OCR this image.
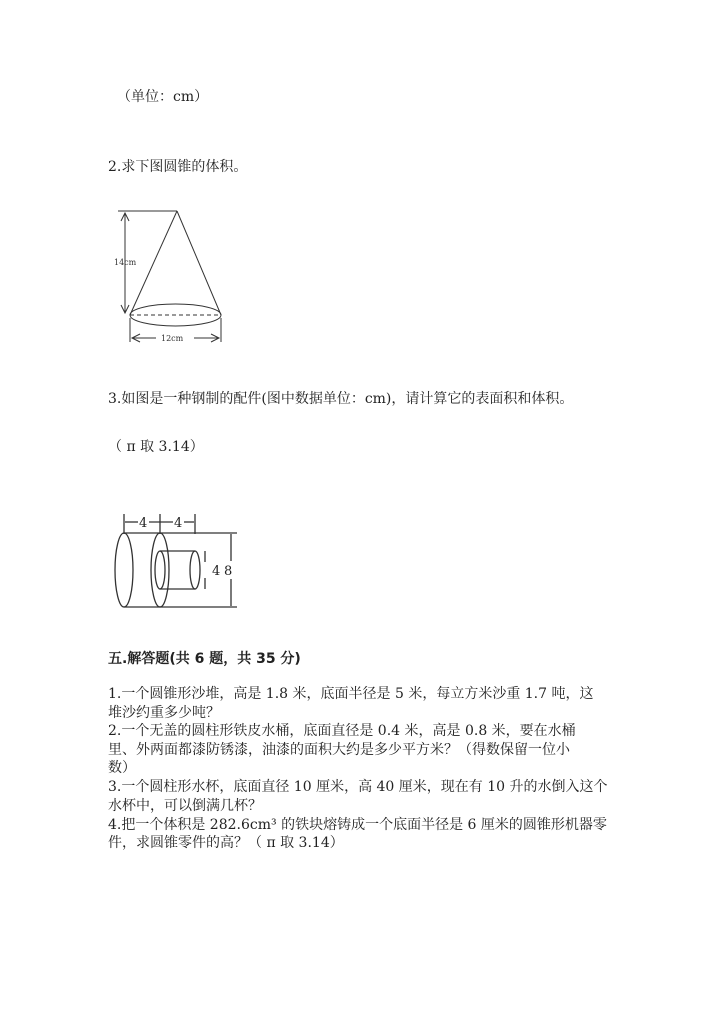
（单位：cm）
2.求下图圆锥的体积。
14cm
12cm
3.如图是一种钢制的配件(图中数据单位：cm)，请计算它的表面积和体积。
（ π 取 3.14）
4 4
4 8
五.解答题(共 6 题，共 35 分)
1.一个圆锥形沙堆，高是 1.8 米，底面半径是 5 米，每立方米沙重 1.7 吨，这
堆沙约重多少吨？
2.一个无盖的圆柱形铁皮水桶，底面直径是 0.4 米，高是 0.8 米，要在水桶
里、外两面都漆防锈漆，油漆的面积大约是多少平方米？（得数保留一位小
数）
3.一个圆柱形水杯，底面直径 10 厘米，高 40 厘米，现在有 10 升的水倒入这个
水杯中，可以倒满几杯？
4.把一个体积是 282.6cm³ 的铁块熔铸成一个底面半径是 6 厘米的圆锥形机器零
件，求圆锥零件的高？（ π 取 3.14）
